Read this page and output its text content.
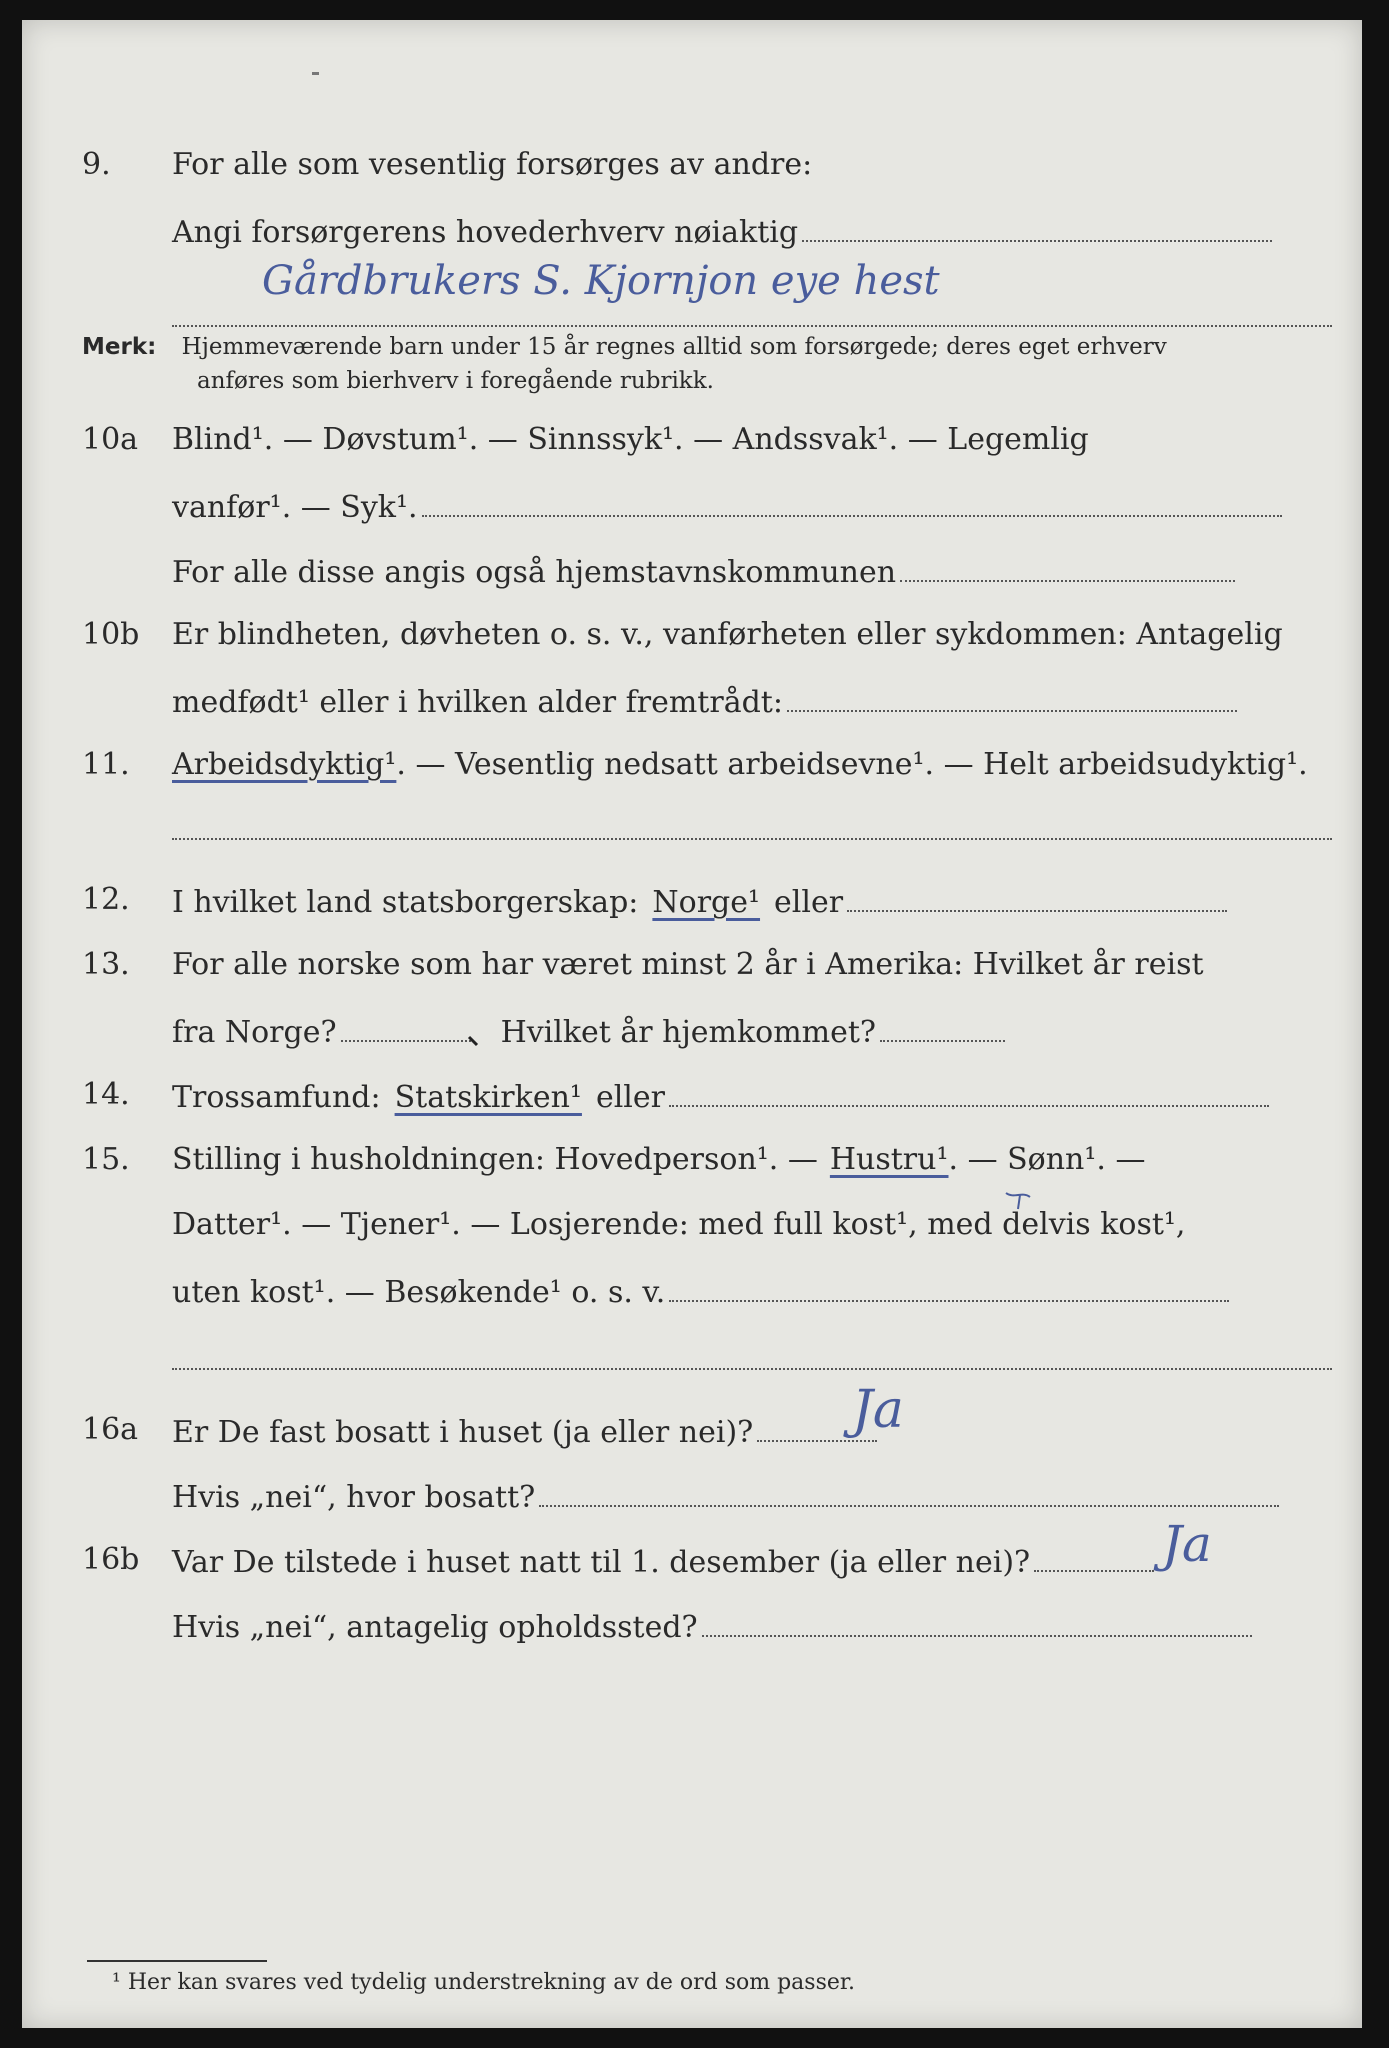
9. For alle som vesentlig forsørges av andre:
Angi forsørgerens hovederhverv nøiaktig
Gårdbrukers S. Kjornjon eye hest
Merk: Hjemmeværende barn under 15 år regnes alltid som forsørgede; deres eget erhverv
anføres som bierhverv i foregående rubrikk.
10a Blind¹. — Døvstum¹. — Sinnssyk¹. — Andssvak¹. — Legemlig
vanfør¹. — Syk¹.
For alle disse angis også hjemstavnskommunen
10b Er blindheten, døvheten o. s. v., vanførheten eller sykdommen: Antagelig
medfødt¹ eller i hvilken alder fremtrådt:
11. Arbeidsdyktig¹ . — Vesentlig nedsatt arbeidsevne¹. — Helt arbeidsudyktig¹.
12. I hvilket land statsborgerskap: Norge¹ eller
13. For alle norske som har været minst 2 år i Amerika: Hvilket år reist
fra Norge?	Hvilket år hjemkommet?
14. Trossamfund: Statskirken¹ eller
15. Stilling i husholdningen: Hovedperson¹. — Hustru¹ . — Sønn¹. —
Datter¹. — Tjener¹. — Losjerende: med full kost¹, med delvis kost¹,
uten kost¹. — Besøkende¹ o. s. v.
16a Er De fast bosatt i huset (ja eller nei)? Ja
Hvis „nei“, hvor bosatt?
16b Var De tilstede i huset natt til 1. desember (ja eller nei)?	Ja
Hvis „nei“, antagelig opholdssted?
¹ Her kan svares ved tydelig understrekning av de ord som passer.
